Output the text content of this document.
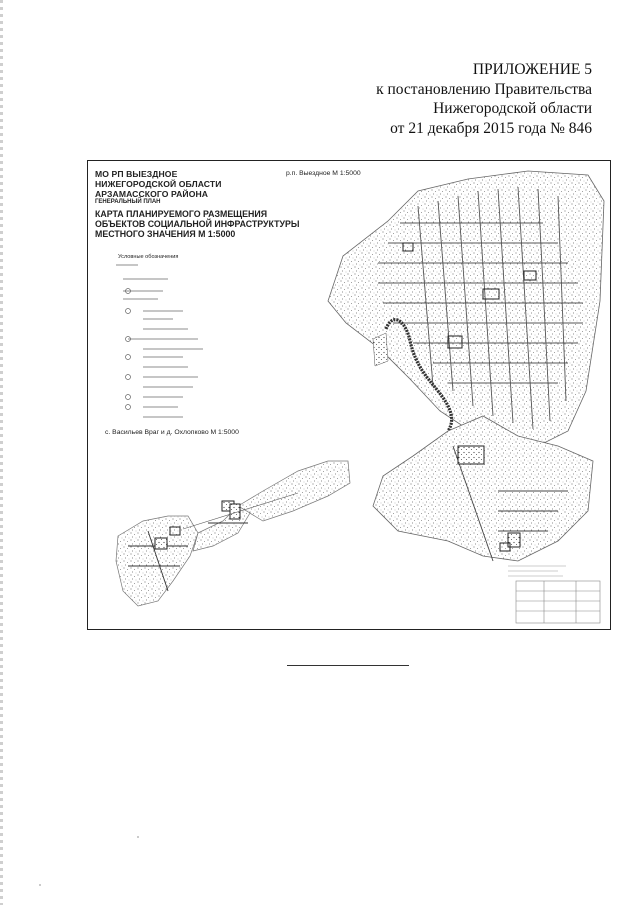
ПРИЛОЖЕНИЕ 5
к постановлению Правительства
Нижегородской области
от 21 декабря 2015 года № 846
МО РП ВЫЕЗДНОЕ
НИЖЕГОРОДСКОЙ ОБЛАСТИ
АРЗАМАССКОГО РАЙОНА
ГЕНЕРАЛЬНЫЙ ПЛАН
КАРТА ПЛАНИРУЕМОГО РАЗМЕЩЕНИЯ
ОБЪЕКТОВ СОЦИАЛЬНОЙ ИНФРАСТРУКТУРЫ
МЕСТНОГО ЗНАЧЕНИЯ М 1:5000
р.п. Выездное М 1:5000
Условные обозначения
с. Васильев Враг и д. Охлопково М 1:5000
